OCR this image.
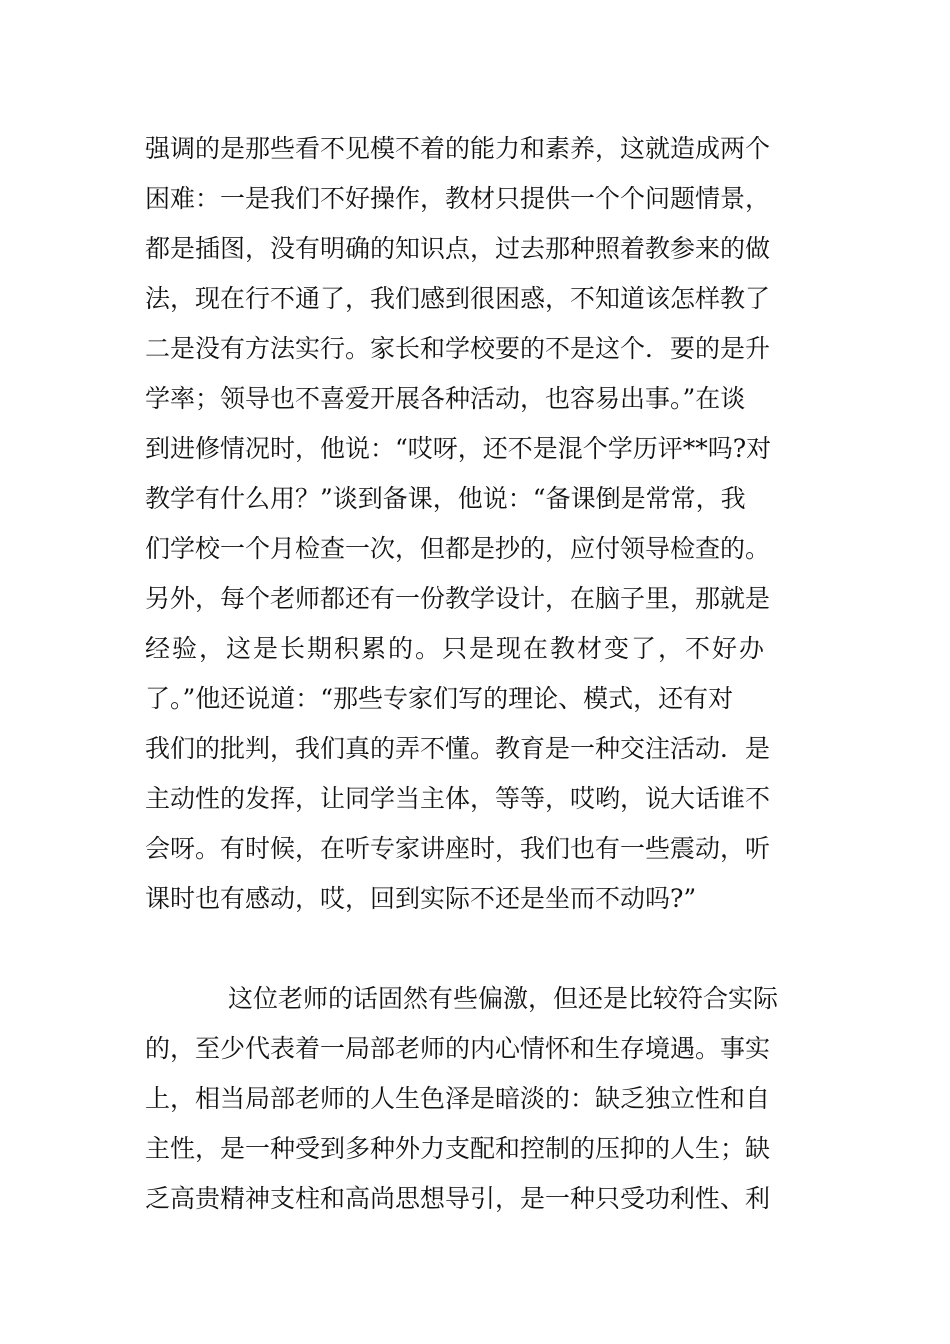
强调的是那些看不见模不着的能力和素养，这就造成两个
困难：一是我们不好操作，教材只提供一个个问题情景，
都是插图，没有明确的知识点，过去那种照着教参来的做
法，现在行不通了，我们感到很困惑，不知道该怎样教了
二是没有方法实行。家长和学校要的不是这个．要的是升
学率；领导也不喜爱开展各种活动，也容易出事。”在谈
到进修情况时，他说：“哎呀，还不是混个学历评**吗?对
教学有什么用？”谈到备课，他说：“备课倒是常常，我
们学校一个月检查一次，但都是抄的，应付领导检查的。
另外，每个老师都还有一份教学设计，在脑子里，那就是
经验，这是长期积累的。只是现在教材变了，不好办
了。”他还说道：“那些专家们写的理论、模式，还有对
我们的批判，我们真的弄不懂。教育是一种交注活动．是
主动性的发挥，让同学当主体，等等，哎哟，说大话谁不
会呀。有时候，在听专家讲座时，我们也有一些震动，听
课时也有感动，哎，回到实际不还是坐而不动吗?”
这位老师的话固然有些偏激，但还是比较符合实际
的，至少代表着一局部老师的内心情怀和生存境遇。事实
上，相当局部老师的人生色泽是暗淡的：缺乏独立性和自
主性，是一种受到多种外力支配和控制的压抑的人生；缺
乏高贵精神支柱和高尚思想导引，是一种只受功利性、利
